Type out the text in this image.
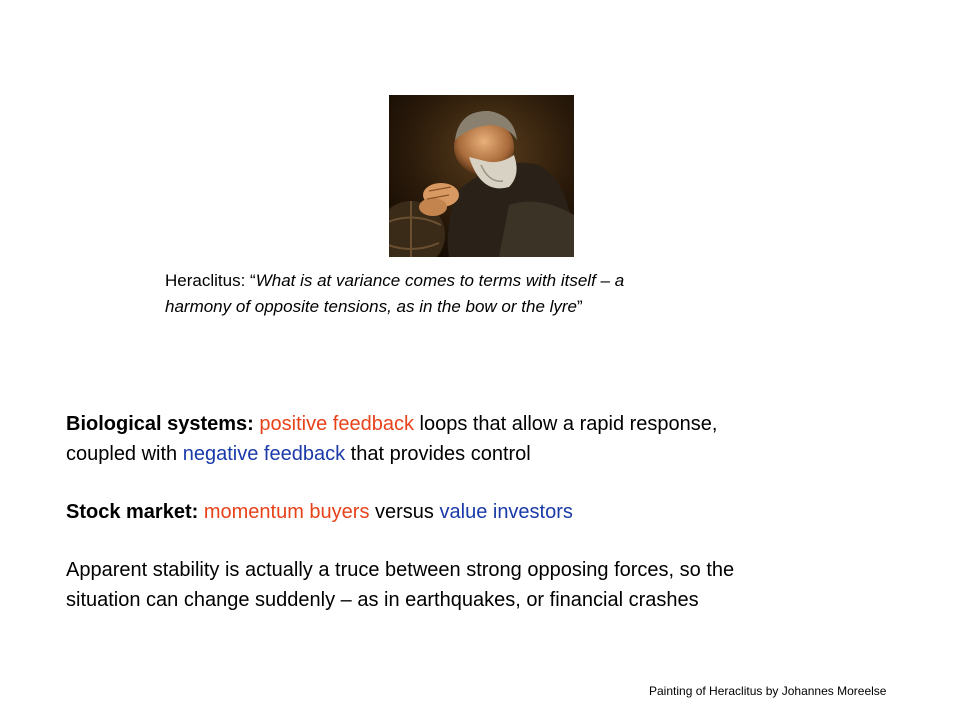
Heraclitus: “What is at variance comes to terms with itself – a
harmony of opposite tensions, as in the bow or the lyre”
Biological systems: positive feedback loops that allow a rapid response,
coupled with negative feedback that provides control
Stock market: momentum buyers versus value investors
Apparent stability is actually a truce between strong opposing forces, so the
situation can change suddenly – as in earthquakes, or financial crashes
Painting of Heraclitus by Johannes Moreelse
